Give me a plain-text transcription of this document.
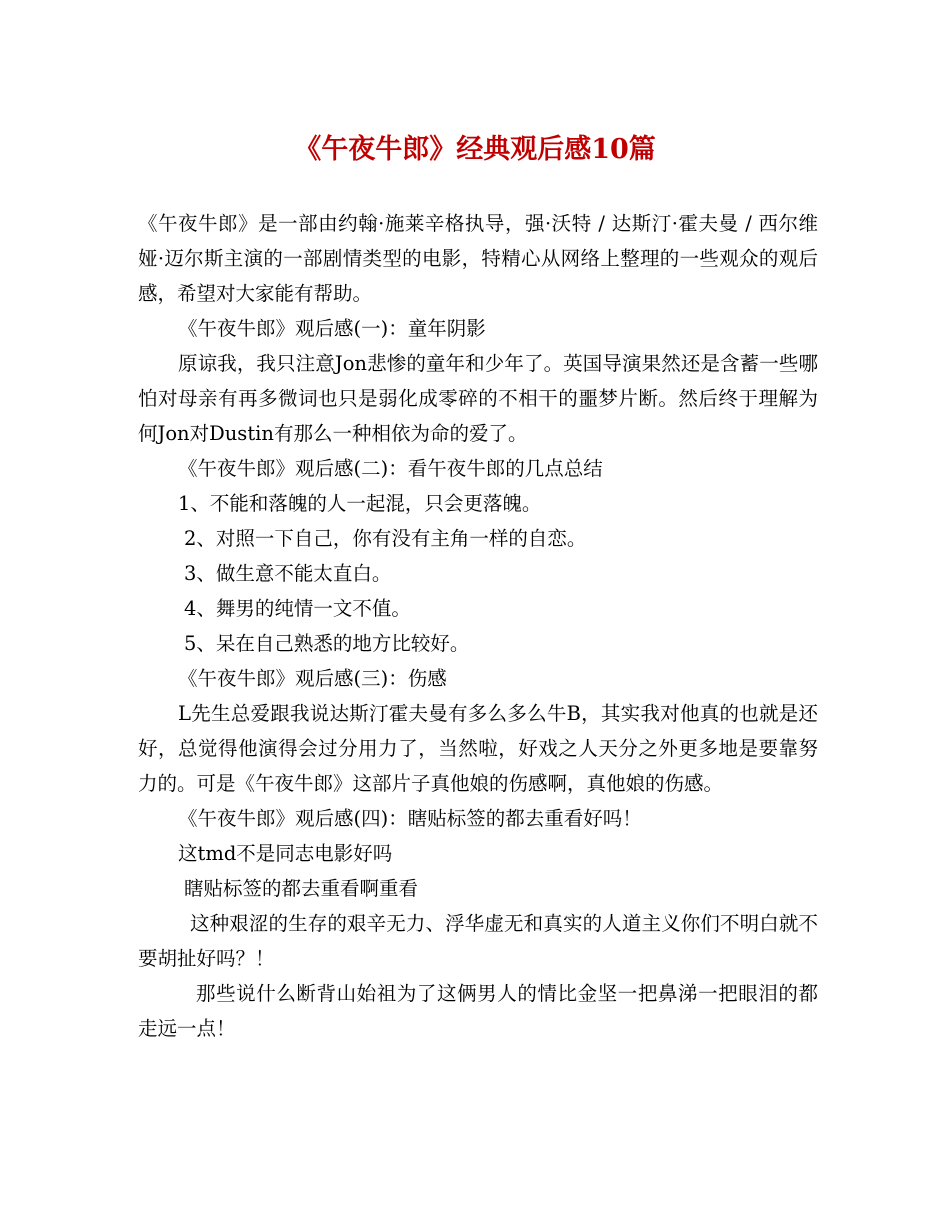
《午夜牛郎》经典观后感10篇

《午夜牛郎》是一部由约翰·施莱辛格执导，强·沃特 / 达斯汀·霍夫曼 / 西尔维娅·迈尔斯主演的一部剧情类型的电影，特精心从网络上整理的一些观众的观后感，希望对大家能有帮助。

《午夜牛郎》观后感(一)：童年阴影

原谅我，我只注意Jon悲惨的童年和少年了。英国导演果然还是含蓄一些哪怕对母亲有再多微词也只是弱化成零碎的不相干的噩梦片断。然后终于理解为何Jon对Dustin有那么一种相依为命的爱了。

《午夜牛郎》观后感(二)：看午夜牛郎的几点总结

1、不能和落魄的人一起混，只会更落魄。

2、对照一下自己，你有没有主角一样的自恋。

3、做生意不能太直白。

4、舞男的纯情一文不值。

5、呆在自己熟悉的地方比较好。

《午夜牛郎》观后感(三)：伤感

L先生总爱跟我说达斯汀霍夫曼有多么多么牛B，其实我对他真的也就是还好，总觉得他演得会过分用力了，当然啦，好戏之人天分之外更多地是要靠努力的。可是《午夜牛郎》这部片子真他娘的伤感啊，真他娘的伤感。

《午夜牛郎》观后感(四)：瞎贴标签的都去重看好吗！

这tmd不是同志电影好吗

瞎贴标签的都去重看啊重看

这种艰涩的生存的艰辛无力、浮华虚无和真实的人道主义你们不明白就不要胡扯好吗？！

那些说什么断背山始祖为了这俩男人的情比金坚一把鼻涕一把眼泪的都走远一点！
